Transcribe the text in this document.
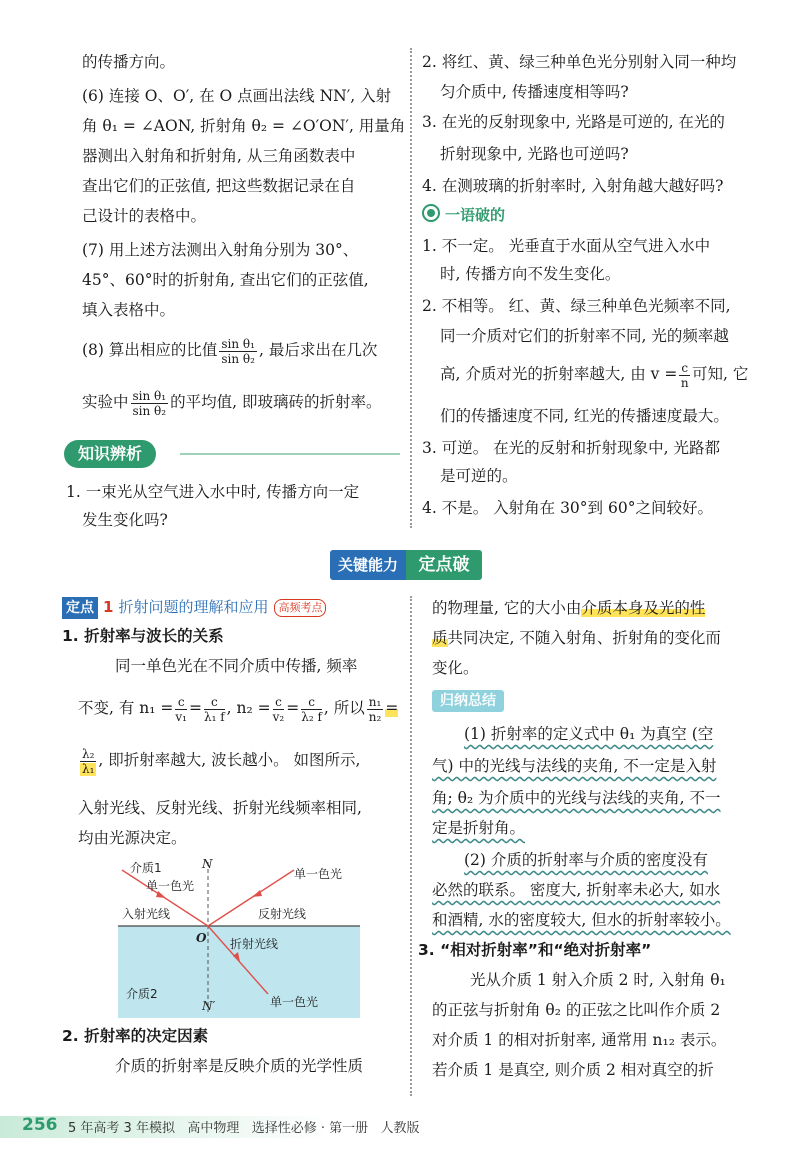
的传播方向。
(6) 连接 O、O′, 在 O 点画出法线 NN′, 入射
角 θ₁ = ∠AON, 折射角 θ₂ = ∠O′ON′, 用量角
器测出入射角和折射角, 从三角函数表中
查出它们的正弦值, 把这些数据记录在自
己设计的表格中。
(7) 用上述方法测出入射角分别为 30°、
45°、60°时的折射角, 查出它们的正弦值,
填入表格中。
(8) 算出相应的比值 $\frac{\text{sin θ₁}}{\text{sin θ₂}}$ , 最后求出在几次
实验中 $\frac{\text{sin θ₁}}{\text{sin θ₂}}$ 的平均值, 即玻璃砖的折射率。
知识辨析
1. 一束光从空气进入水中时, 传播方向一定
发生变化吗?
2. 将红、黄、绿三种单色光分别射入同一种均
匀介质中, 传播速度相等吗?
3. 在光的反射现象中, 光路是可逆的, 在光的
折射现象中, 光路也可逆吗?
4. 在测玻璃的折射率时, 入射角越大越好吗?
一语破的
1. 不一定。 光垂直于水面从空气进入水中
时, 传播方向不发生变化。
2. 不相等。 红、黄、绿三种单色光频率不同,
同一介质对它们的折射率不同, 光的频率越
高, 介质对光的折射率越大, 由 $v = \frac{c}{n}$ 可知, 它
们的传播速度不同, 红光的传播速度最大。
3. 可逆。 在光的反射和折射现象中, 光路都
是可逆的。
4. 不是。 入射角在 30°到 60°之间较好。
关键能力	定点破
定点 1 折射问题的理解和应用 高频考点
1. 折射率与波长的关系
同一单色光在不同介质中传播, 频率
不变, 有 $n_1 = \frac{c}{\text{v₁}} = \frac{c}{\text{λ₁ f}}$ , $n_2 = \frac{c}{\text{v₂}} = \frac{c}{\text{λ₂ f}}$ , 所以 $\frac{\text{n₁}}{\text{n₂}}$ =
$\frac{\text{λ₂}}{\text{λ₁}}$ , 即折射率越大, 波长越小。 如图所示,
入射光线、反射光线、折射光线频率相同,
均由光源决定。
介质1
单一色光
入射光线
N
单一色光
反射光线
O 折射光线
介质2
N′	单一色光
2. 折射率的决定因素
介质的折射率是反映介质的光学性质
的物理量, 它的大小由介质本身及光的性
质共同决定, 不随入射角、折射角的变化而
变化。
归纳总结
(1) 折射率的定义式中 θ₁ 为真空 (空
气) 中的光线与法线的夹角, 不一定是入射
角; θ₂ 为介质中的光线与法线的夹角, 不一
定是折射角。
(2) 介质的折射率与介质的密度没有
必然的联系。 密度大, 折射率未必大, 如水
和酒精, 水的密度较大, 但水的折射率较小。
3. “相对折射率”和“绝对折射率”
光从介质 1 射入介质 2 时, 入射角 θ₁
的正弦与折射角 θ₂ 的正弦之比叫作介质 2
对介质 1 的相对折射率, 通常用 n₁₂ 表示。
若介质 1 是真空, 则介质 2 相对真空的折
256 5 年高考 3 年模拟   高中物理   选择性必修 · 第一册   人教版
